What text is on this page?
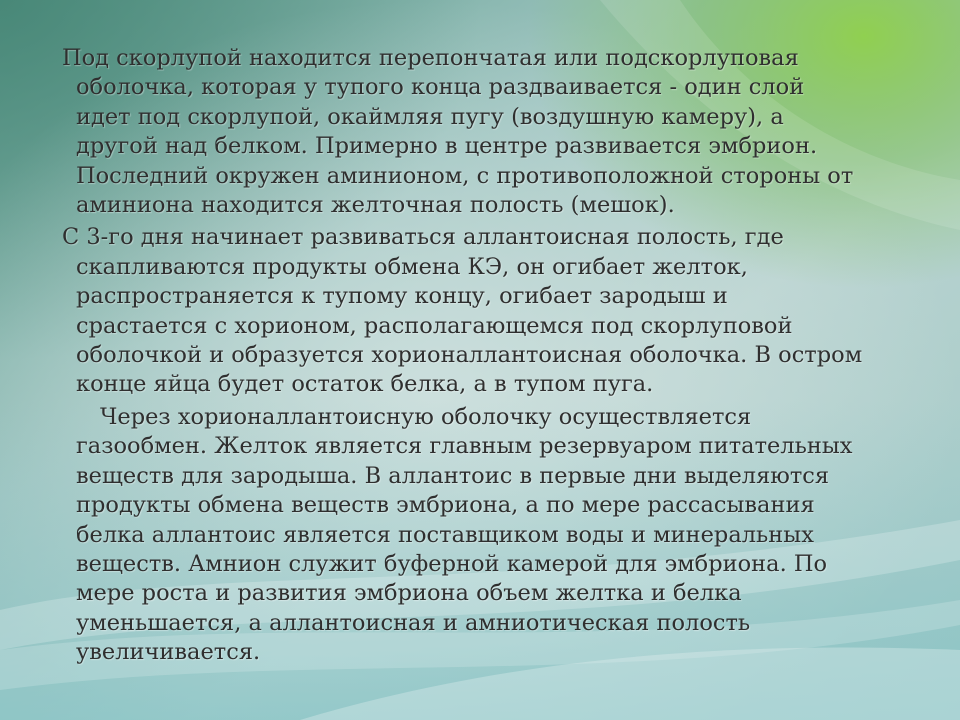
Под скорлупой находится перепончатая или подскорлуповая
оболочка, которая у тупого конца раздваивается - один слой
идет под скорлупой, окаймляя пугу (воздушную камеру), а
другой над белком. Примерно в центре развивается эмбрион.
Последний окружен аминионом, с противоположной стороны от
aминиона находится желточная полость (мешок).

С 3-го дня начинает развиваться аллантоисная полость, где
скапливаются продукты обмена КЭ, он огибает желток,
распространяется к тупому концу, огибает зародыш и
срастается с хорионом, располагающемся под скорлуповой
оболочкой и образуется хорионаллантоисная оболочка. В остром
конце яйца будет остаток белка, а в тупом пуга.

Через хорионаллантоисную оболочку осуществляется
газообмен. Желток является главным резервуаром питательных
веществ для зародыша. В аллантоис в первые дни выделяются
продукты обмена веществ эмбриона, а по мере рассасывания
белка аллантоис является поставщиком воды и минеральных
веществ. Амнион служит буферной камерой для эмбриона. По
мере роста и развития эмбриона объем желтка и белка
уменьшается, а аллантоисная и амниотическая полость
увеличивается.
